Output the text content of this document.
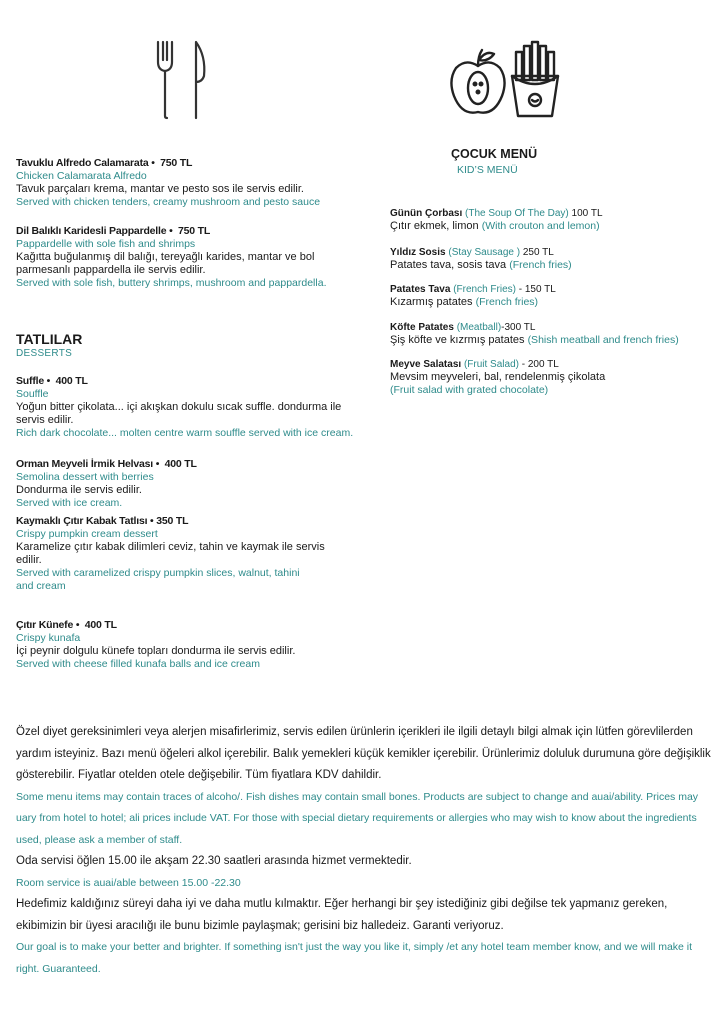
Tavuklu Alfredo Calamarata • 750 TL
Chicken Calamarata Alfredo
Tavuk parçaları krema, mantar ve pesto sos ile servis edilir.
Served with chicken tenders, creamy mushroom and pesto sauce
Dil Balıklı Karidesli Pappardelle • 750 TL
Pappardelle with sole fish and shrimps
Kağıtta buğulanmış dil balığı, tereyağlı karides, mantar ve bol parmesanlı pappardella ile servis edilir.
Served with sole fish, buttery shrimps, mushroom and pappardella.
TATLILAR
DESSERTS
Suffle • 400 TL
Souffle
Yoğun bitter çikolata... içi akışkan dokulu sıcak suffle. dondurma ile servis edilir.
Rich dark chocolate... molten centre warm souffle served with ice cream.
Orman Meyveli İrmik Helvası • 400 TL
Semolina dessert with berries
Dondurma ile servis edilir.
Served with ice cream.
Kaymaklı Çıtır Kabak Tatlısı • 350 TL
Crispy pumpkin cream dessert
Karamelize çıtır kabak dilimleri ceviz, tahin ve kaymak ile servis edilir.
Served with caramelized crispy pumpkin slices, walnut, tahini and cream
Çıtır Künefe • 400 TL
Crispy kunafa
İçi peynir dolgulu künefe topları dondurma ile servis edilir.
Served with cheese filled kunafa balls and ice cream
ÇOCUK MENÜ
KID’S MENÜ
Günün Çorbası (The Soup Of The Day) 100 TL
Çıtır ekmek, limon (With crouton and lemon)
Yıldız Sosis (Stay Sausage ) 250 TL
Patates tava, sosis tava (French fries)
Patates Tava (French Fries) - 150 TL
Kızarmış patates (French fries)
Köfte Patates (Meatball)-300 TL
Şiş köfte ve kızrmış patates (Shish meatball and french fries)
Meyve Salatası (Fruit Salad) - 200 TL
Mevsim meyveleri, bal, rendelenmiş çikolata
(Fruit salad with grated chocolate)

Özel diyet gereksinimleri veya alerjen misafirlerimiz, servis edilen ürünlerin içerikleri ile ilgili detaylı bilgi almak için lütfen görevlilerden yardım isteyiniz. Bazı menü öğeleri alkol içerebilir. Balık yemekleri küçük kemikler içerebilir. Ürünlerimiz doluluk durumuna göre değişiklik gösterebilir. Fiyatlar otelden otele değişebilir. Tüm fiyatlara KDV dahildir.

Some menu items may contain traces of alcoho/. Fish dishes may contain small bones. Products are subject to change and auai/ability. Prices may uary from hotel to hotel; ali prices include VAT. For those with special dietary requirements or allergies who may wish to know about the ingredients used, please ask a member of staff.

Oda servisi öğlen 15.00 ile akşam 22.30 saatleri arasında hizmet vermektedir.

Room service is auai/able between 15.00 -22.30

Hedefimiz kaldığınız süreyi daha iyi ve daha mutlu kılmaktır. Eğer herhangi bir şey istediğiniz gibi değilse tek yapmanız gereken, ekibimizin bir üyesi aracılığı ile bunu bizimle paylaşmak; gerisini biz halledeiz. Garanti veriyoruz.

Our goal is to make your better and brighter. If something isn't just the way you like it, simply /et any hotel team member know, and we will make it right. Guaranteed.
